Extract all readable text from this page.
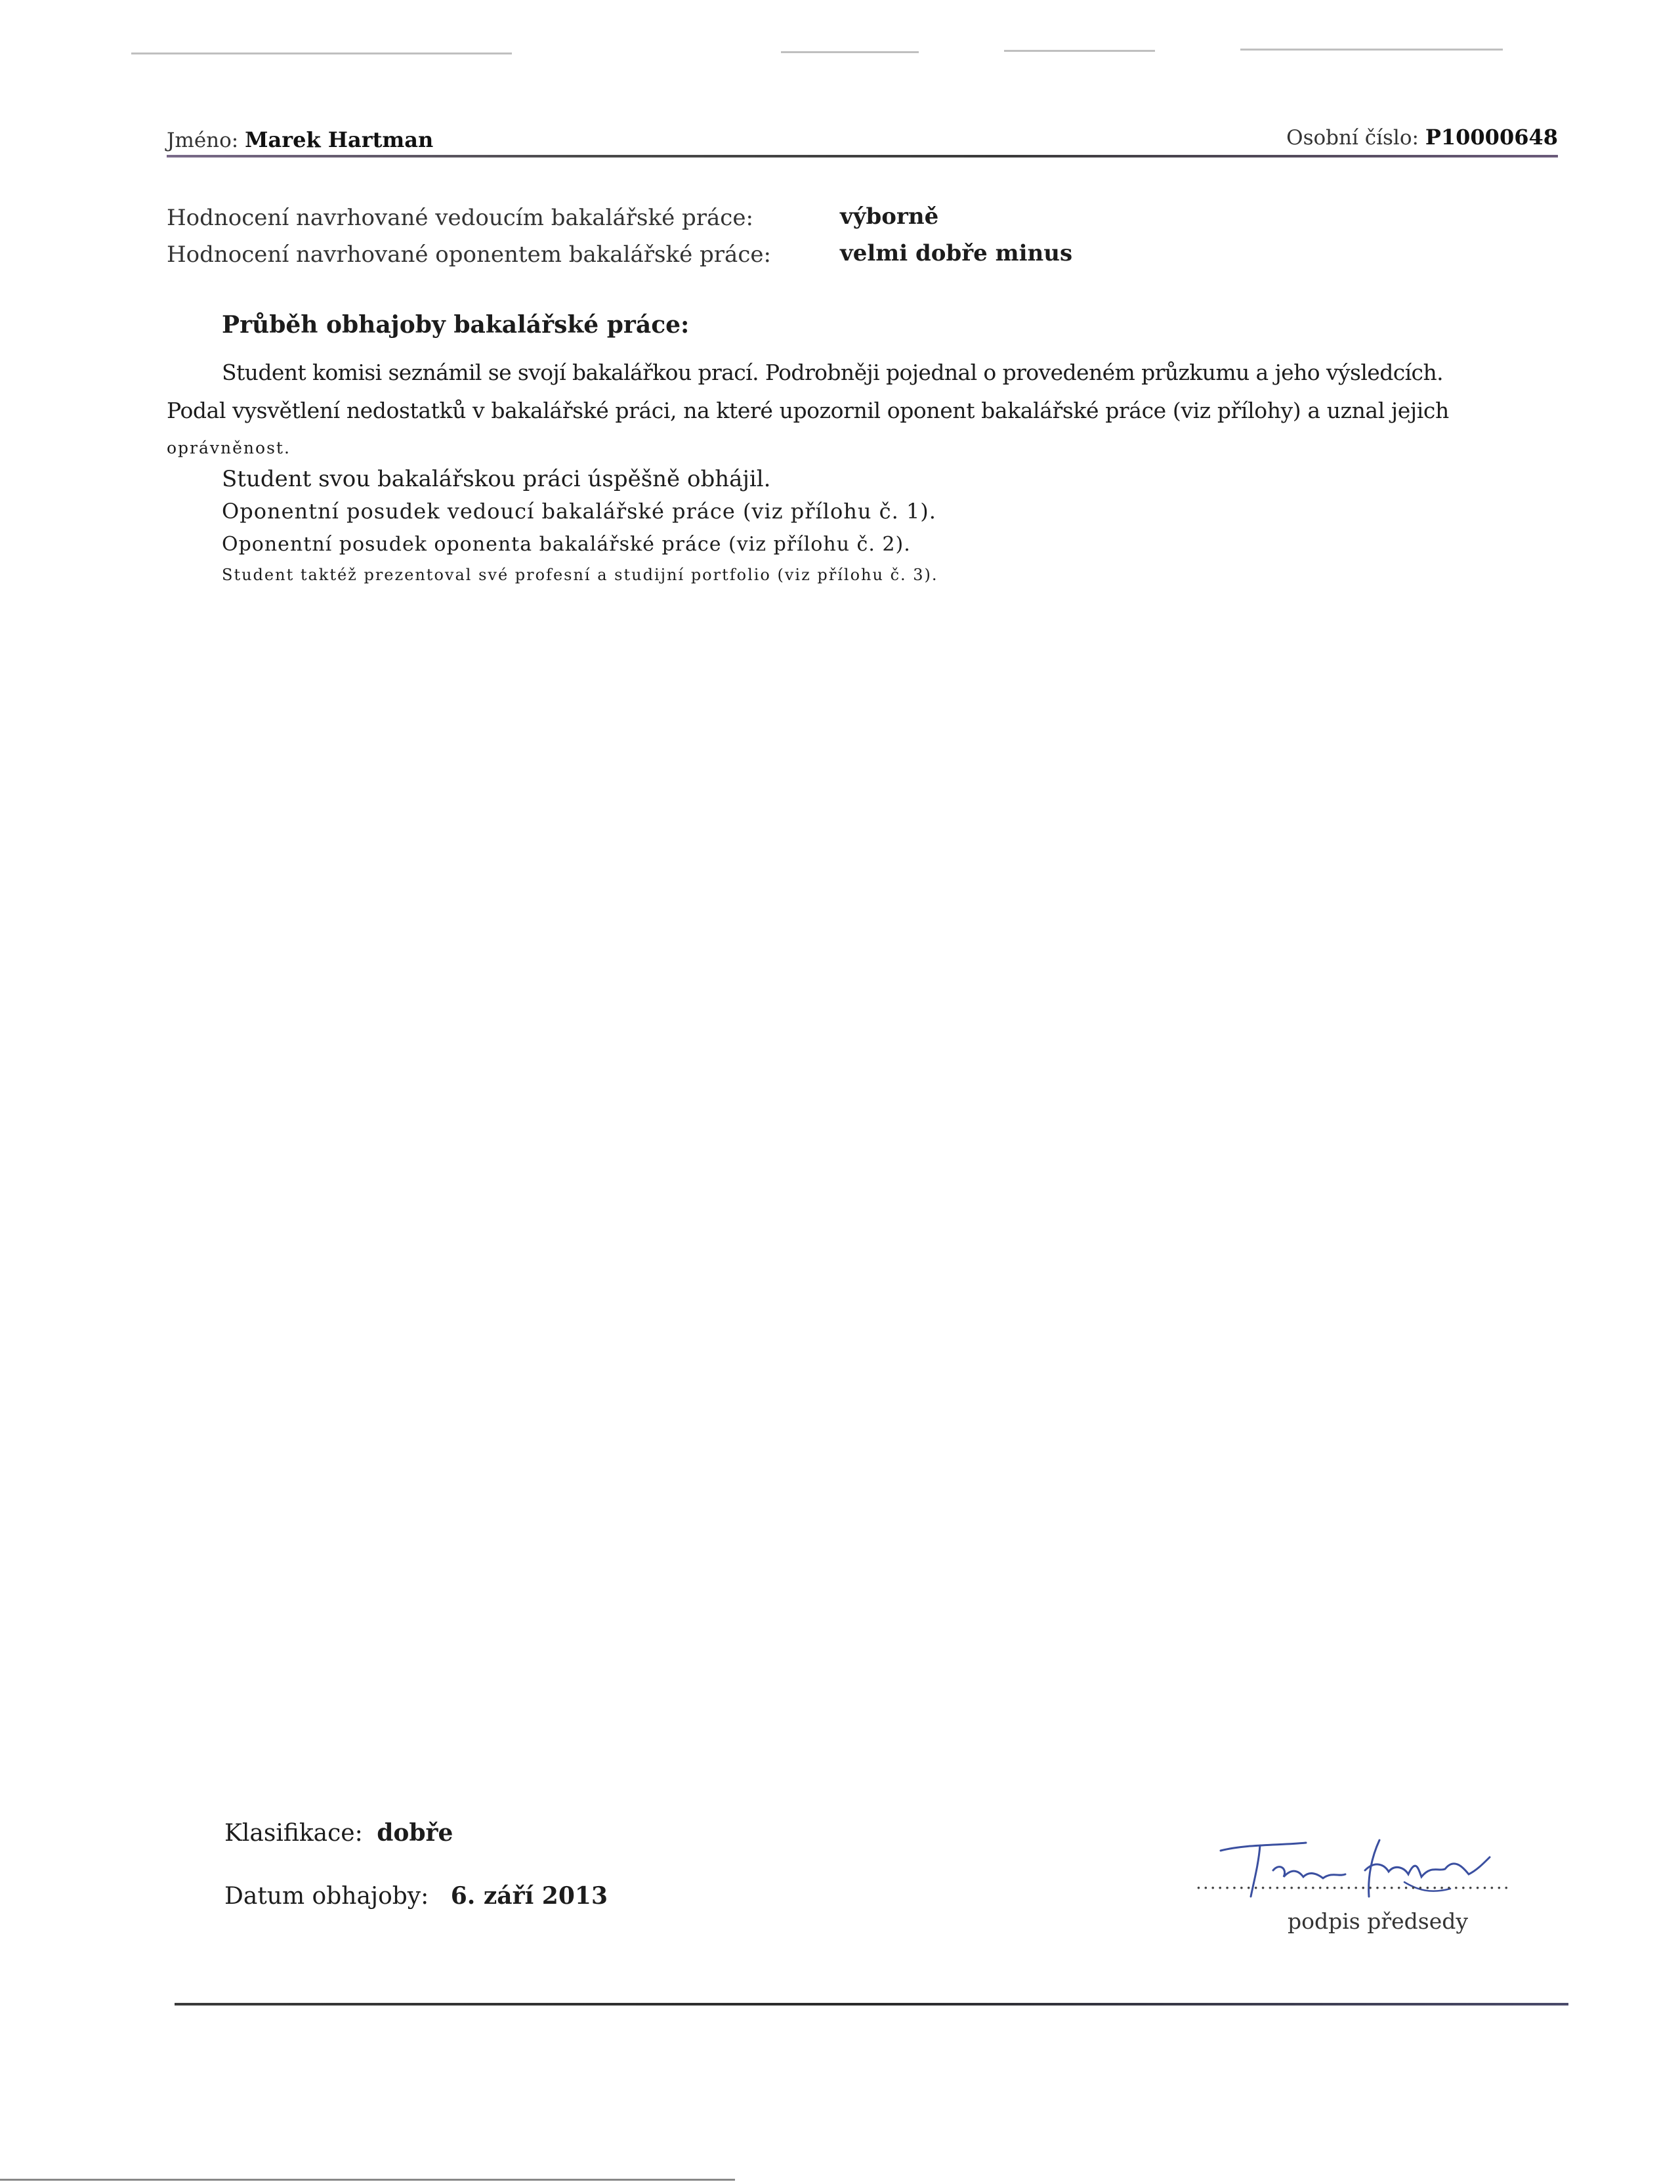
Jméno: Marek Hartman	Osobní číslo: P10000648
Hodnocení navrhované vedoucím bakalářské práce:	výborně
Hodnocení navrhované oponentem bakalářské práce:	velmi dobře minus
Průběh obhajoby bakalářské práce:
Student komisi seznámil se svojí bakalářkou prací. Podrobněji pojednal o provedeném průzkumu a jeho výsledcích.
Podal vysvětlení nedostatků v bakalářské práci, na které upozornil oponent bakalářské práce (viz přílohy) a uznal jejich
oprávněnost.
Student svou bakalářskou práci úspěšně obhájil.
Oponentní posudek vedoucí bakalářské práce (viz přílohu č. 1).
Oponentní posudek oponenta bakalářské práce (viz přílohu č. 2).
Student taktéž prezentoval své profesní a studijní portfolio (viz přílohu č. 3).
Klasifikace: dobře
Datum obhajoby: 6. září 2013	............................................
podpis předsedy
